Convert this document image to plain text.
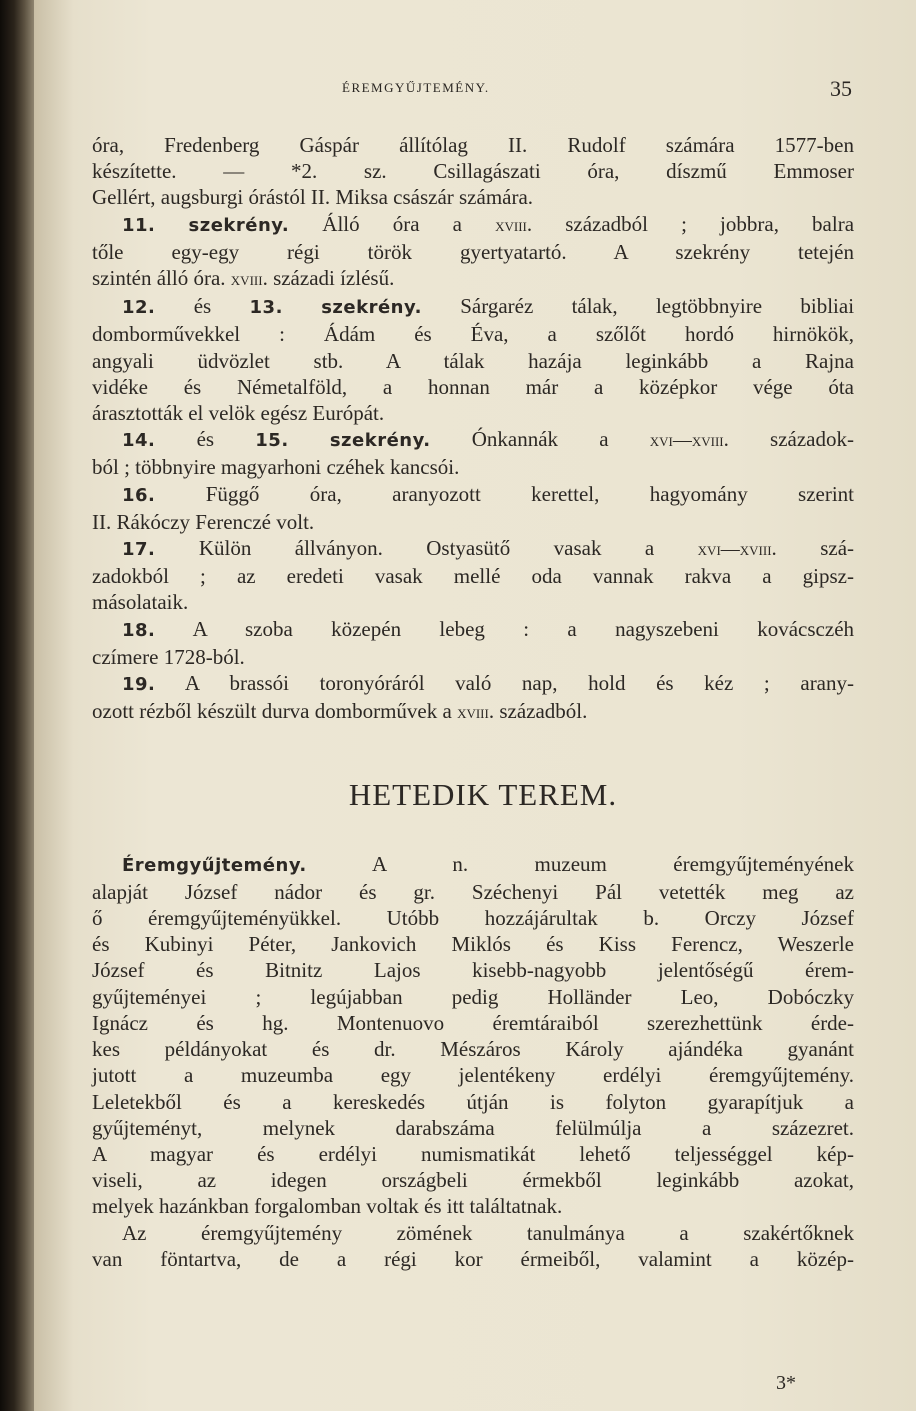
ÉREMGYŰJTEMÉNY.	35
óra, Fredenberg Gáspár állítólag II. Rudolf számára 1577-ben
készítette. — *2. sz. Csillagászati óra, díszmű Emmoser
Gellért, augsburgi órástól II. Miksa császár számára.
11. szekrény. Álló óra a xviii. századból ; jobbra, balra
tőle egy-egy régi török gyertyatartó. A szekrény tetején
szintén álló óra. xviii. századi ízlésű.
12. és 13. szekrény. Sárgaréz tálak, legtöbbnyire bibliai
domborművekkel : Ádám és Éva, a szőlőt hordó hirnökök,
angyali üdvözlet stb. A tálak hazája leginkább a Rajna
vidéke és Németalföld, a honnan már a középkor vége óta
árasztották el velök egész Európát.
14. és 15. szekrény. Ónkannák a xvi—xviii. századok-
ból ; többnyire magyarhoni czéhek kancsói.
16. Függő óra, aranyozott kerettel, hagyomány szerint
II. Rákóczy Ferenczé volt.
17. Külön állványon. Ostyasütő vasak a xvi—xviii. szá-
zadokból ; az eredeti vasak mellé oda vannak rakva a gipsz-
másolataik.
18. A szoba közepén lebeg : a nagyszebeni kovácsczéh
czímere 1728-ból.
19. A brassói toronyóráról való nap, hold és kéz ; arany-
ozott rézből készült durva domborművek a xviii. századból.
HETEDIK TEREM.
Éremgyűjtemény.	A n. muzeum éremgyűjteményének
alapját József nádor és gr. Széchenyi Pál vetették meg az
ő éremgyűjteményükkel. Utóbb hozzájárultak b. Orczy József
és Kubinyi Péter, Jankovich Miklós és Kiss Ferencz, Weszerle
József és Bitnitz Lajos kisebb-nagyobb jelentőségű érem-
gyűjteményei ; legújabban pedig Holländer Leo, Dobóczky
Ignácz és hg. Montenuovo éremtáraiból szerezhettünk érde-
kes példányokat és dr. Mészáros Károly ajándéka gyanánt
jutott a muzeumba egy jelentékeny erdélyi éremgyűjtemény.
Leletekből és a kereskedés útján is folyton gyarapítjuk a
gyűjteményt, melynek darabszáma felülmúlja a százezret.
A magyar és erdélyi numismatikát lehető teljességgel kép-
viseli, az idegen országbeli érmekből leginkább azokat,
melyek hazánkban forgalomban voltak és itt találtatnak.
Az éremgyűjtemény zömének tanulmánya a szakértőknek
van föntartva, de a régi kor érmeiből, valamint a közép-
3*
